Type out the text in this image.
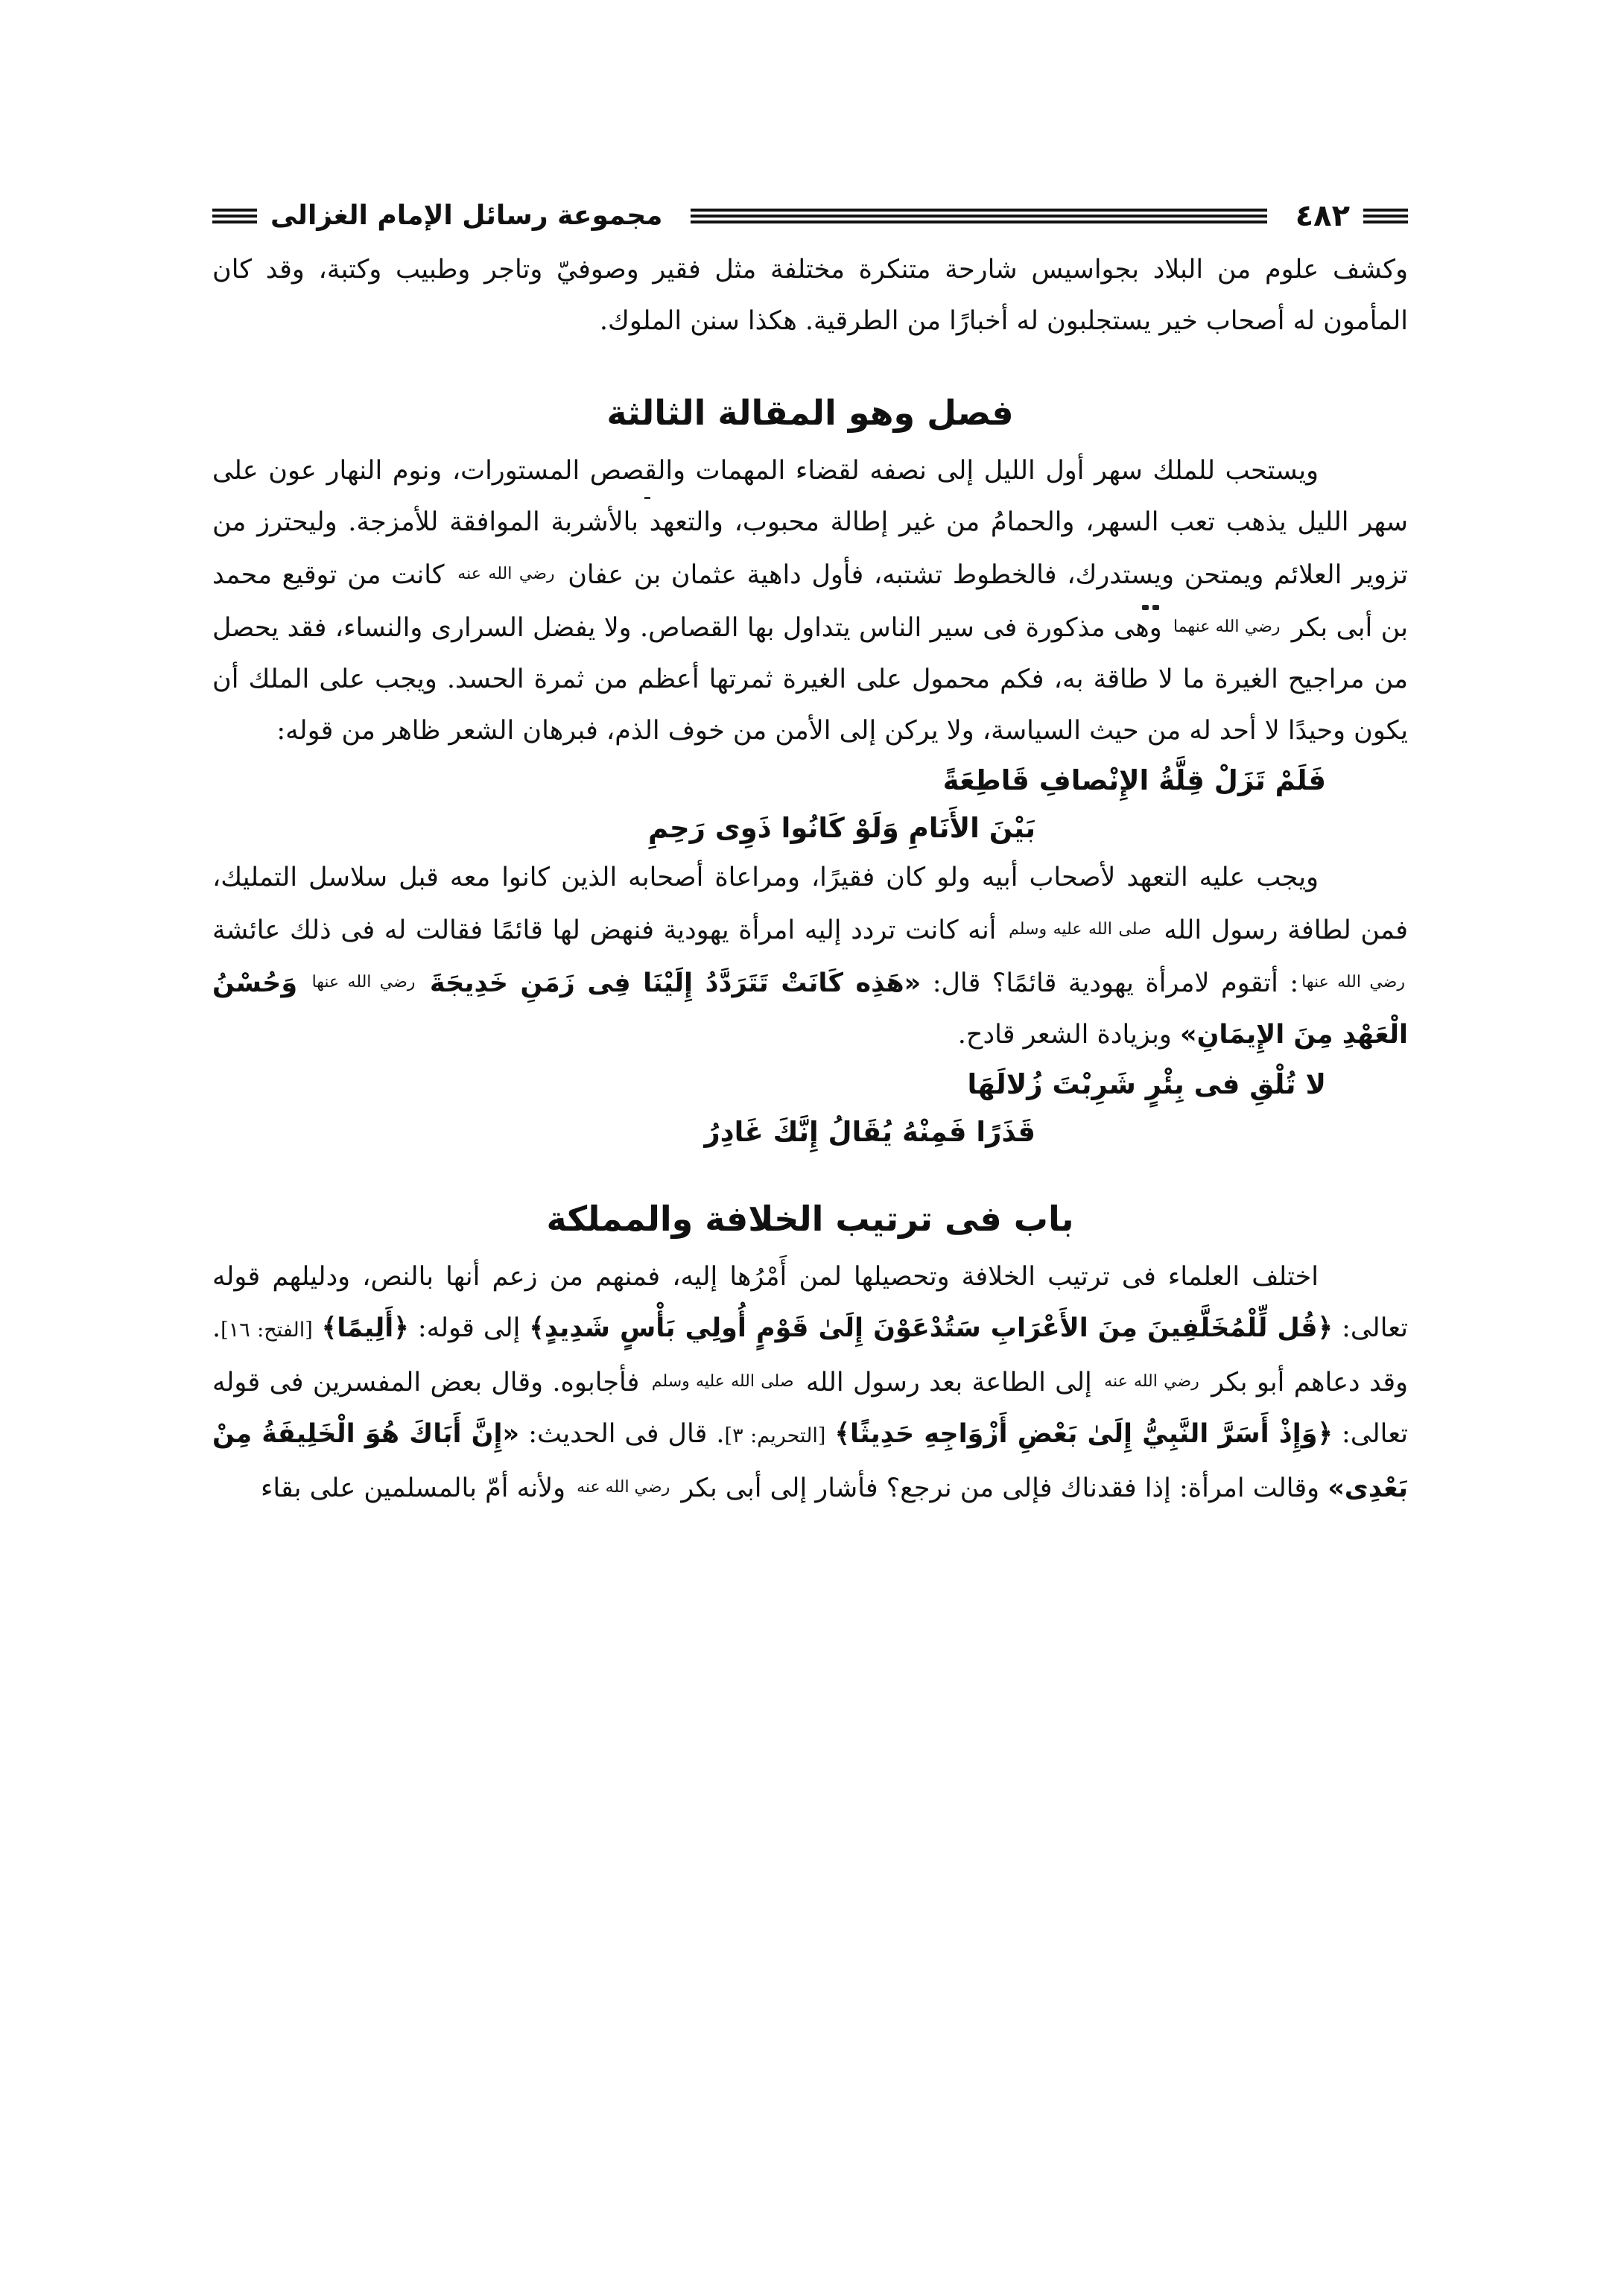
٤٨٢
مجموعة رسائل الإمام الغزالى

وكشف علوم من البلاد بجواسيس شارحة متنكرة مختلفة مثل فقير وصوفيّ وتاجر وطبيب وكتبة، وقد كان المأمون له أصحاب خير يستجلبون له أخبارًا من الطرقية. هكذا سنن الملوك.

فصل وهو المقالة الثالثة

ويستحب للملك سهر أول الليل إلى نصفه لقضاء المهمات والقصص المستورات، ونوم النهار عون على سهر الليل يذهب تعب السهر، والحمامُ من غير إطالة محبوب، والتعهد بالأشربة الموافقة للأمزجة. وليحترز من تزوير العلائم ويمتحن ويستدرك، فالخطوط تشتبه، فأول داهية عثمان بن عفان رضي الله عنه كانت من توقيع محمد بن أبى بكر رضي الله عنهما وهى مذكورة فى سير الناس يتداول بها القصاص. ولا يفضل السرارى والنساء، فقد يحصل من مراجيح الغيرة ما لا طاقة به، فكم محمول على الغيرة ثمرتها أعظم من ثمرة الحسد. ويجب على الملك أن يكون وحيدًا لا أحد له من حيث السياسة، ولا يركن إلى الأمن من خوف الذم، فبرهان الشعر ظاهر من قوله:

فَلَمْ تَزَلْ قِلَّةُ الإِنْصافِ قَاطِعَةً
بَيْنَ الأَنَامِ وَلَوْ كَانُوا ذَوِى رَحِمِ

ويجب عليه التعهد لأصحاب أبيه ولو كان فقيرًا، ومراعاة أصحابه الذين كانوا معه قبل سلاسل التمليك، فمن لطافة رسول الله صلى الله عليه وسلم أنه كانت تردد إليه امرأة يهودية فنهض لها قائمًا فقالت له فى ذلك عائشة رضي الله عنها: أتقوم لامرأة يهودية قائمًا؟ قال: «هَذِه كَانَتْ تَتَرَدَّدُ إِلَيْنَا فِى زَمَنِ خَدِيجَةَ رضي الله عنها وَحُسْنُ الْعَهْدِ مِنَ الإِيمَانِ» وبزيادة الشعر قادح.

لا تُلْقِ فى بِئْرٍ شَرِبْتَ زُلالَهَا
قَذَرًا فَمِنْهُ يُقَالُ إِنَّكَ غَادِرُ
باب فى ترتيب الخلافة والمملكة

اختلف العلماء فى ترتيب الخلافة وتحصيلها لمن أَمْرُها إليه، فمنهم من زعم أنها بالنص، ودليلهم قوله تعالى: ﴿قُل لِّلْمُخَلَّفِينَ مِنَ الأَعْرَابِ سَتُدْعَوْنَ إِلَىٰ قَوْمٍ أُولِي بَأْسٍ شَدِيدٍ﴾ إلى قوله: ﴿أَلِيمًا﴾ [الفتح: ١٦]. وقد دعاهم أبو بكر رضي الله عنه إلى الطاعة بعد رسول الله صلى الله عليه وسلم فأجابوه. وقال بعض المفسرين فى قوله تعالى: ﴿وَإِذْ أَسَرَّ النَّبِيُّ إِلَىٰ بَعْضِ أَزْوَاجِهِ حَدِيثًا﴾ [التحريم: ٣]. قال فى الحديث: «إِنَّ أَبَاكَ هُوَ الْخَلِيفَةُ مِنْ بَعْدِى» وقالت امرأة: إذا فقدناك فإلى من نرجع؟ فأشار إلى أبى بكر رضي الله عنه ولأنه أمّ بالمسلمين على بقاء
